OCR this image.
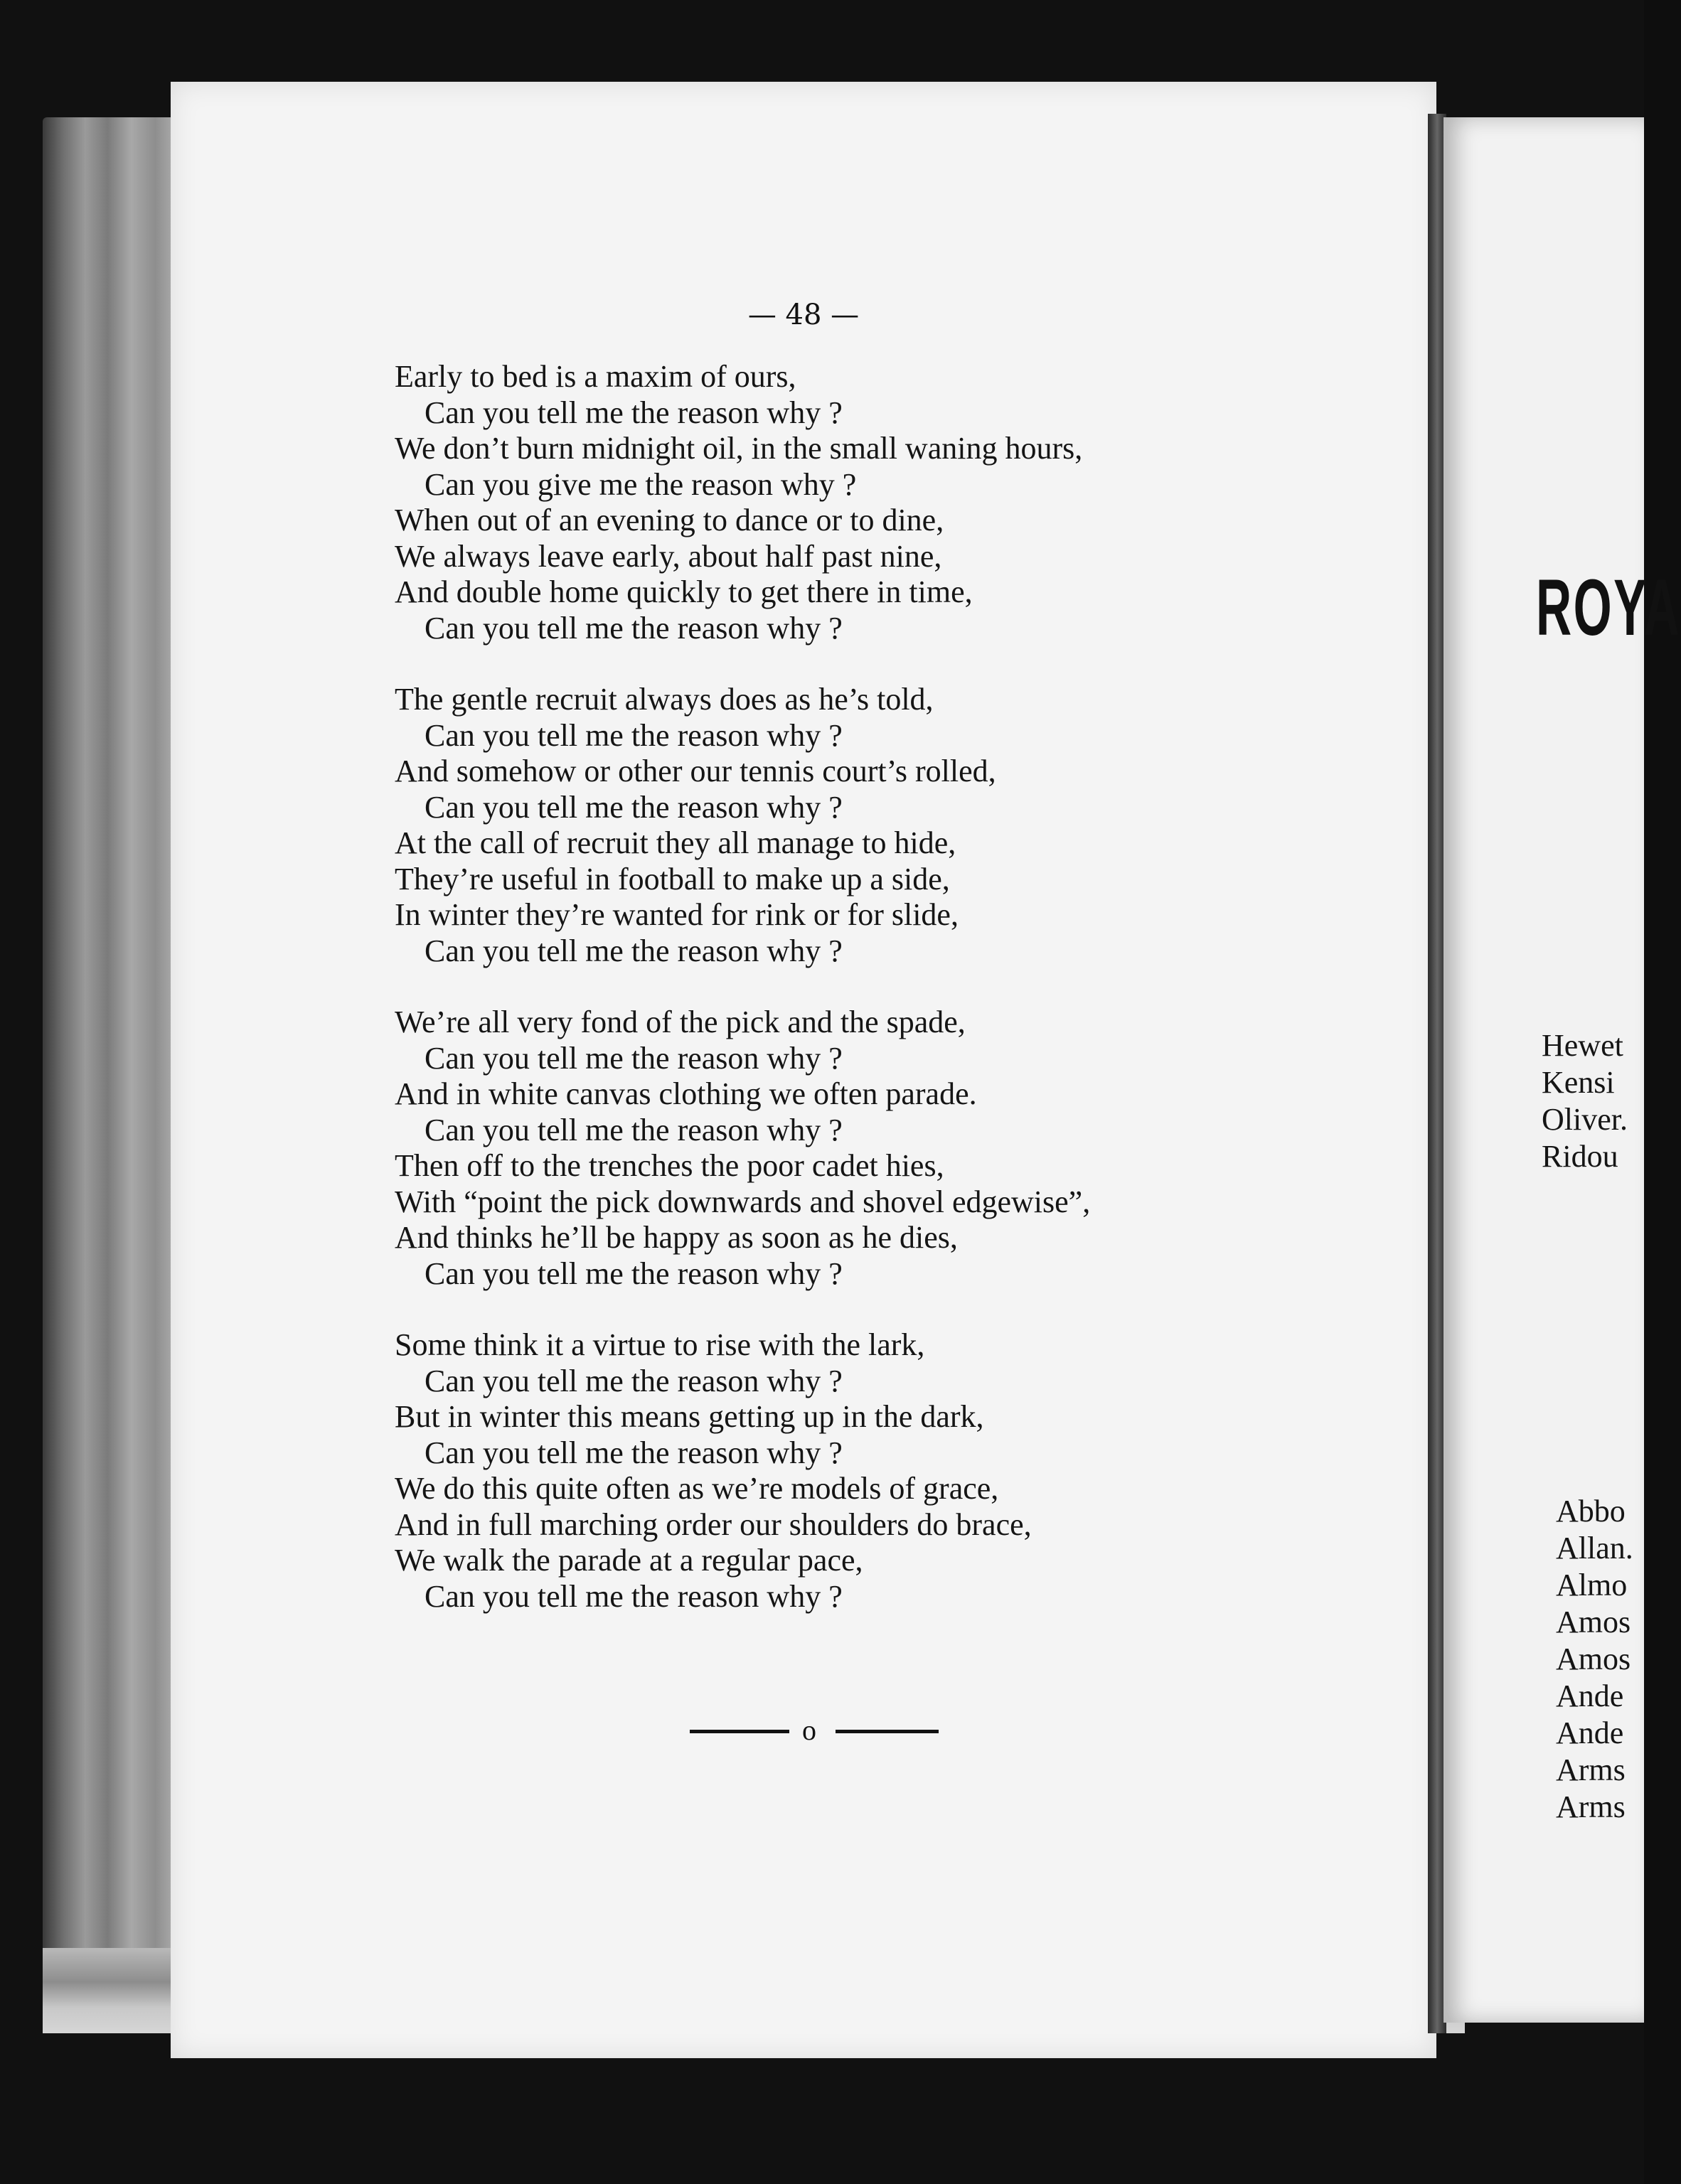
— 48 —
Early to bed is a maxim of ours,
Can you tell me the reason why ?
We don’t burn midnight oil, in the small waning hours,
Can you give me the reason why ?
When out of an evening to dance or to dine,
We always leave early, about half past nine,
And double home quickly to get there in time,
Can you tell me the reason why ?
The gentle recruit always does as he’s told,
Can you tell me the reason why ?
And somehow or other our tennis court’s rolled,
Can you tell me the reason why ?
At the call of recruit they all manage to hide,
They’re useful in football to make up a side,
In winter they’re wanted for rink or for slide,
Can you tell me the reason why ?
We’re all very fond of the pick and the spade,
Can you tell me the reason why ?
And in white canvas clothing we often parade.
Can you tell me the reason why ?
Then off to the trenches the poor cadet hies,
With “point the pick downwards and shovel edgewise”,
And thinks he’ll be happy as soon as he dies,
Can you tell me the reason why ?
Some think it a virtue to rise with the lark,
Can you tell me the reason why ?
But in winter this means getting up in the dark,
Can you tell me the reason why ?
We do this quite often as we’re models of grace,
And in full marching order our shoulders do brace,
We walk the parade at a regular pace,
Can you tell me the reason why ?
o
ROYA
Hewet
Kensi
Oliver.
Ridou
Abbo
Allan.
Almo
Amos
Amos
Ande
Ande
Arms
Arms
